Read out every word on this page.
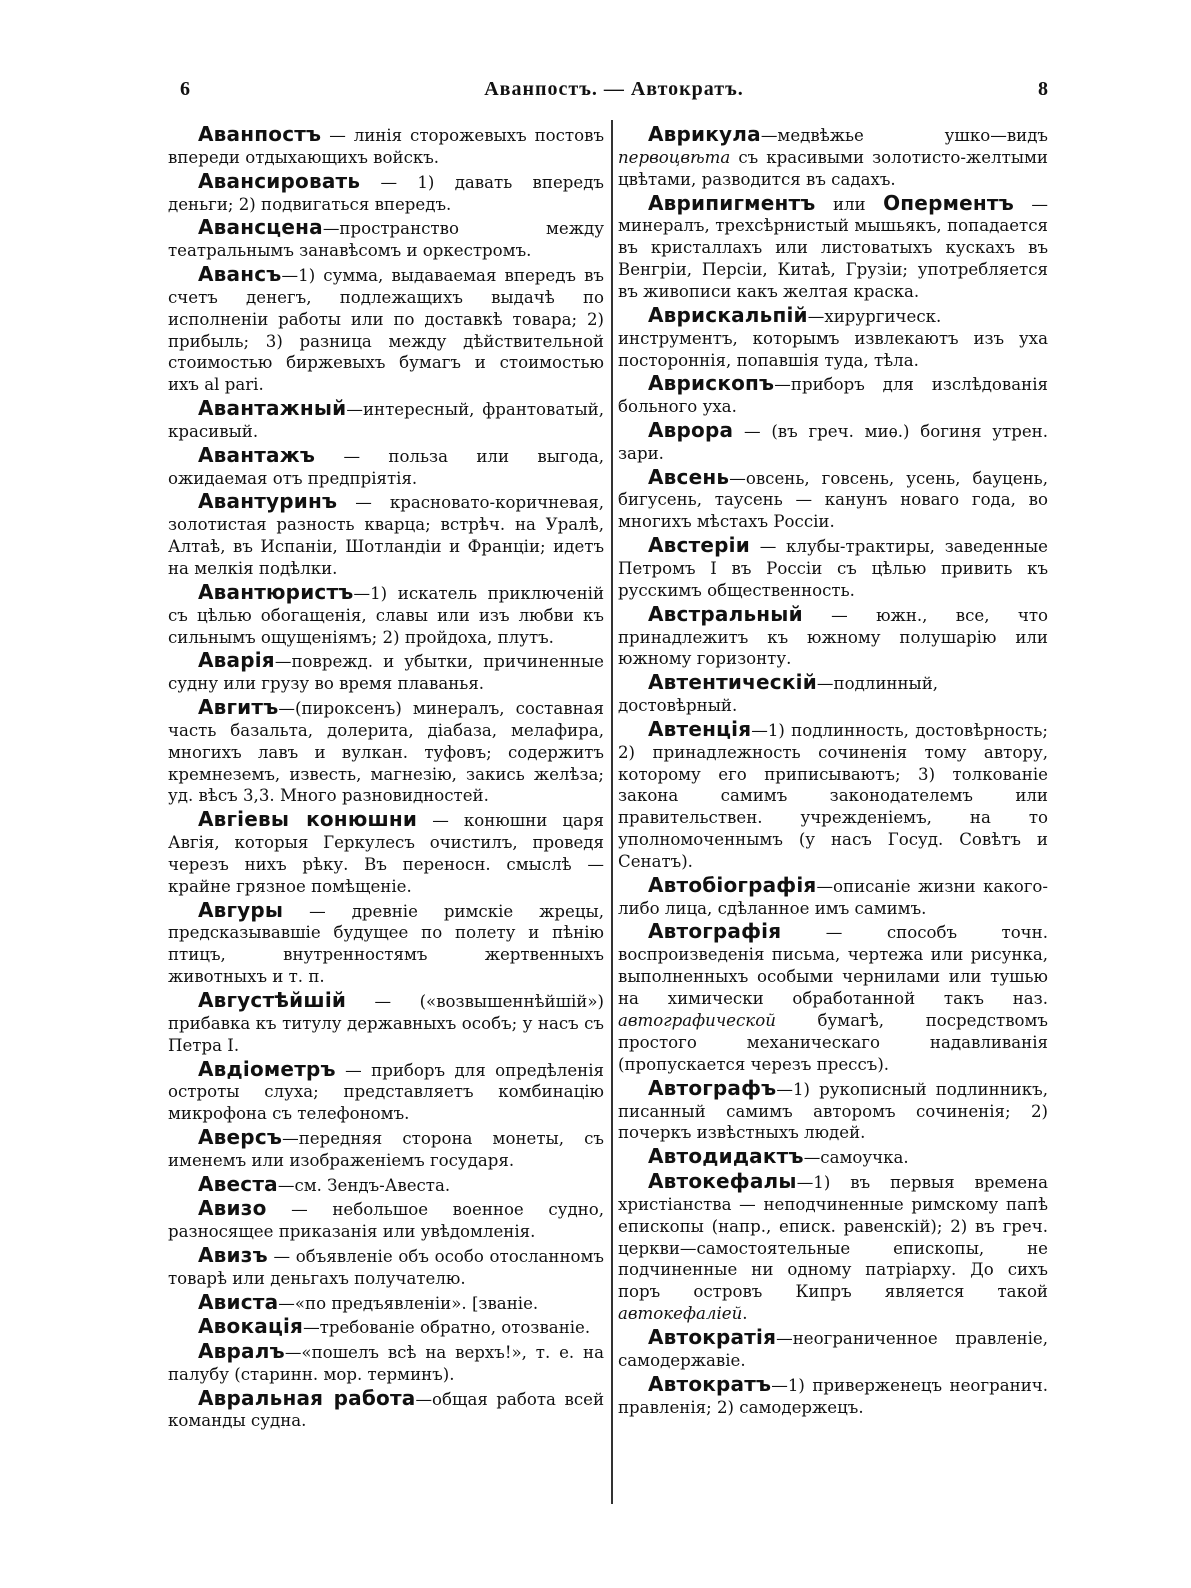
6	Аванпостъ. — Автократъ.	8

Аванпостъ — линія сторожевыхъ постовъ впереди отдыхающихъ войскъ.

Авансировать — 1) давать впередъ деньги; 2) подвигаться впередъ.

Авансцена—пространство между театральнымъ занавѣсомъ и оркестромъ.

Авансъ—1) сумма, выдаваемая впередъ въ счетъ денегъ, подлежащихъ выдачѣ по исполненіи работы или по доставкѣ товара; 2) прибыль; 3) разница между дѣйствительной стоимостью биржевыхъ бумагъ и стоимостью ихъ al pari.

Авантажный—интересный, франтоватый, красивый.

Авантажъ — польза или выгода, ожидаемая отъ предпріятія.

Авантуринъ — красновато-коричневая, золотистая разность кварца; встрѣч. на Уралѣ, Алтаѣ, въ Испаніи, Шотландіи и Франціи; идетъ на мелкія подѣлки.

Авантюристъ—1) искатель приключеній съ цѣлью обогащенія, славы или изъ любви къ сильнымъ ощущеніямъ; 2) пройдоха, плутъ.

Аварія—поврежд. и убытки, причиненные судну или грузу во время плаванья.

Авгитъ—(пироксенъ) минералъ, составная часть базальта, долерита, діабаза, мелафира, многихъ лавъ и вулкан. туфовъ; содержитъ кремнеземъ, известь, магнезію, закись желѣза; уд. вѣсъ 3,3. Много разновидностей.

Авгіевы конюшни — конюшни царя Авгія, которыя Геркулесъ очистилъ, проведя черезъ нихъ рѣку. Въ переносн. смыслѣ — крайне грязное помѣщеніе.

Авгуры — древніе римскіе жрецы, предсказывавшіе будущее по полету и пѣнію птицъ, внутренностямъ жертвенныхъ животныхъ и т. п.

Августѣйшій — («возвышеннѣйшій») прибавка къ титулу державныхъ особъ; у насъ съ Петра I.

Авдіометръ — приборъ для опредѣленія остроты слуха; представляетъ комбинацію микрофона съ телефономъ.

Аверсъ—передняя сторона монеты, съ именемъ или изображеніемъ государя.

Авеста—см. Зендъ-Авеста.

Авизо — небольшое военное судно, разносящее приказанія или увѣдомленія.

Авизъ — объявленіе объ особо отосланномъ товарѣ или деньгахъ получателю.

Ависта—«по предъявленіи». [званіе.

Авокація—требованіе обратно, отозваніе.

Авралъ—«пошелъ всѣ на верхъ!», т. е. на палубу (старинн. мор. терминъ).

Авральная работа—общая работа всей команды судна.

Аврикула—медвѣжье ушко—видъ первоцвѣта съ красивыми золотисто-желтыми цвѣтами, разводится въ садахъ.

Аврипигментъ или Оперментъ — минералъ, трехсѣрнистый мышьякъ, попадается въ кристаллахъ или листоватыхъ кускахъ въ Венгріи, Персіи, Китаѣ, Грузіи; употребляется въ живописи какъ желтая краска.

Аврискальпій—хирургическ. инструментъ, которымъ извлекаютъ изъ уха постороннія, попавшія туда, тѣла.

Аврископъ—приборъ для изслѣдованія больного уха.

Аврора — (въ греч. миѳ.) богиня утрен. зари.

Авсень—овсень, говсень, усень, бауцень, бигусень, таусень — канунъ новаго года, во многихъ мѣстахъ Россіи.

Австеріи — клубы-трактиры, заведенные Петромъ I въ Россіи съ цѣлью привить къ русскимъ общественность.

Австральный — южн., все, что принадлежитъ къ южному полушарію или южному горизонту.

Автентическій—подлинный, достовѣрный.

Автенція—1) подлинность, достовѣрность; 2) принадлежность сочиненія тому автору, которому его приписываютъ; 3) толкованіе закона самимъ законодателемъ или правительствен. учрежденіемъ, на то уполномоченнымъ (у насъ Госуд. Совѣтъ и Сенатъ).

Автобіографія—описаніе жизни какого-либо лица, сдѣланное имъ самимъ.

Автографія — способъ точн. воспроизведенія письма, чертежа или рисунка, выполненныхъ особыми чернилами или тушью на химически обработанной такъ наз. автографической бумагѣ, посредствомъ простого механическаго надавливанія (пропускается черезъ прессъ).

Автографъ—1) рукописный подлинникъ, писанный самимъ авторомъ сочиненія; 2) почеркъ извѣстныхъ людей.

Автодидактъ—самоучка.

Автокефалы—1) въ первыя времена христіанства — неподчиненные римскому папѣ епископы (напр., еписк. равенскій); 2) въ греч. церкви—самостоятельные епископы, не подчиненные ни одному патріарху. До сихъ поръ островъ Кипръ является такой автокефаліей.

Автократія—неограниченное правленіе, самодержавіе.

Автократъ—1) приверженецъ неогранич. правленія; 2) самодержецъ.
